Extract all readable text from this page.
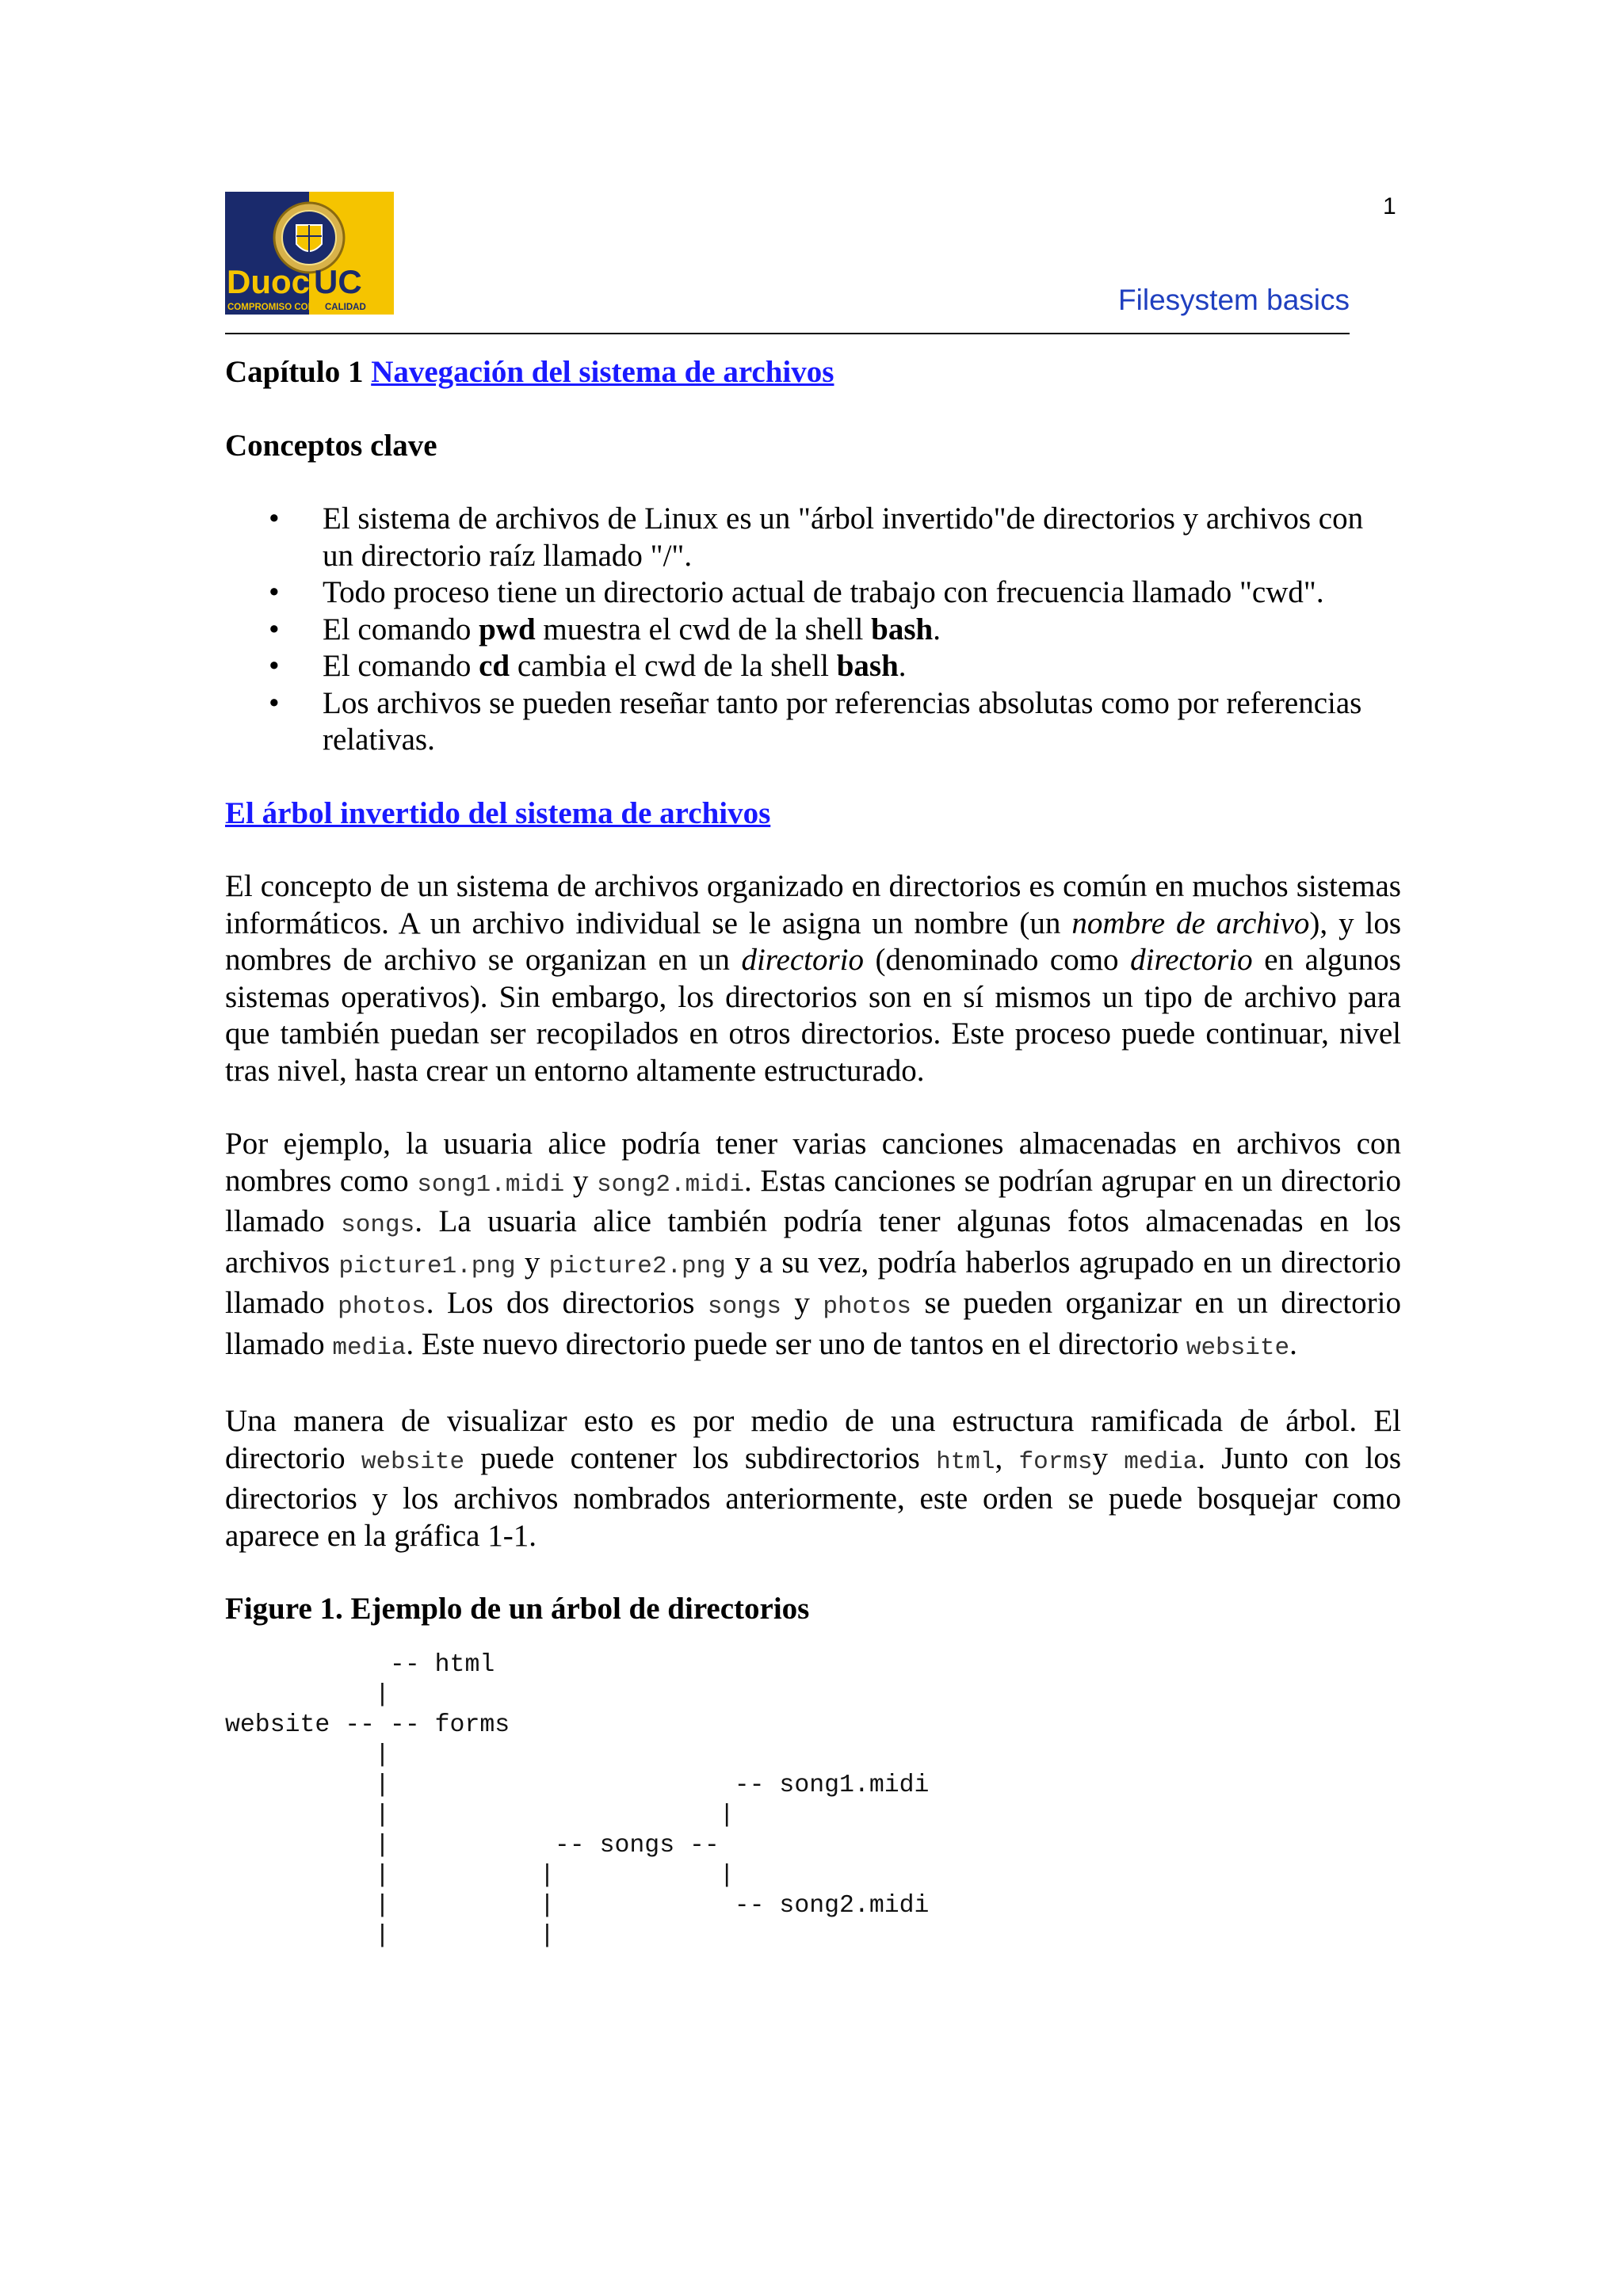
Duoc UC
COMPROMISO CON LA
CALIDAD
1
Filesystem basics
Capítulo 1 Navegación del sistema de archivos
Conceptos clave
• El sistema de archivos de Linux es un "árbol invertido"de directorios y archivos con un directorio raíz llamado "/".
• Todo proceso tiene un directorio actual de trabajo con frecuencia llamado "cwd".
• El comando pwd muestra el cwd de la shell bash.
• El comando cd cambia el cwd de la shell bash.
• Los archivos se pueden reseñar tanto por referencias absolutas como por referencias relativas.
El árbol invertido del sistema de archivos

El concepto de un sistema de archivos organizado en directorios es común en muchos sistemas informáticos. A un archivo individual se le asigna un nombre (un nombre de archivo), y los nombres de archivo se organizan en un directorio (denominado como directorio en algunos sistemas operativos). Sin embargo, los directorios son en sí mismos un tipo de archivo para que también puedan ser recopilados en otros directorios. Este proceso puede continuar, nivel tras nivel, hasta crear un entorno altamente estructurado.

Por ejemplo, la usuaria alice podría tener varias canciones almacenadas en archivos con nombres como song1.midi y song2.midi. Estas canciones se podrían agrupar en un directorio llamado songs. La usuaria alice también podría tener algunas fotos almacenadas en los archivos picture1.png y picture2.png y a su vez, podría haberlos agrupado en un directorio llamado photos. Los dos directorios songs y photos se pueden organizar en un directorio llamado media. Este nuevo directorio puede ser uno de tantos en el directorio website.

Una manera de visualizar esto es por medio de una estructura ramificada de árbol. El directorio website puede contener los subdirectorios html, formsy media. Junto con los directorios y los archivos nombrados anteriormente, este orden se puede bosquejar como aparece en la gráfica 1-1.

Figure 1. Ejemplo de un árbol de directorios
-- html
|
website -- -- forms
|
|                       -- song1.midi
|                      |
|           -- songs --
|          |           |
|          |            -- song2.midi
|          |
